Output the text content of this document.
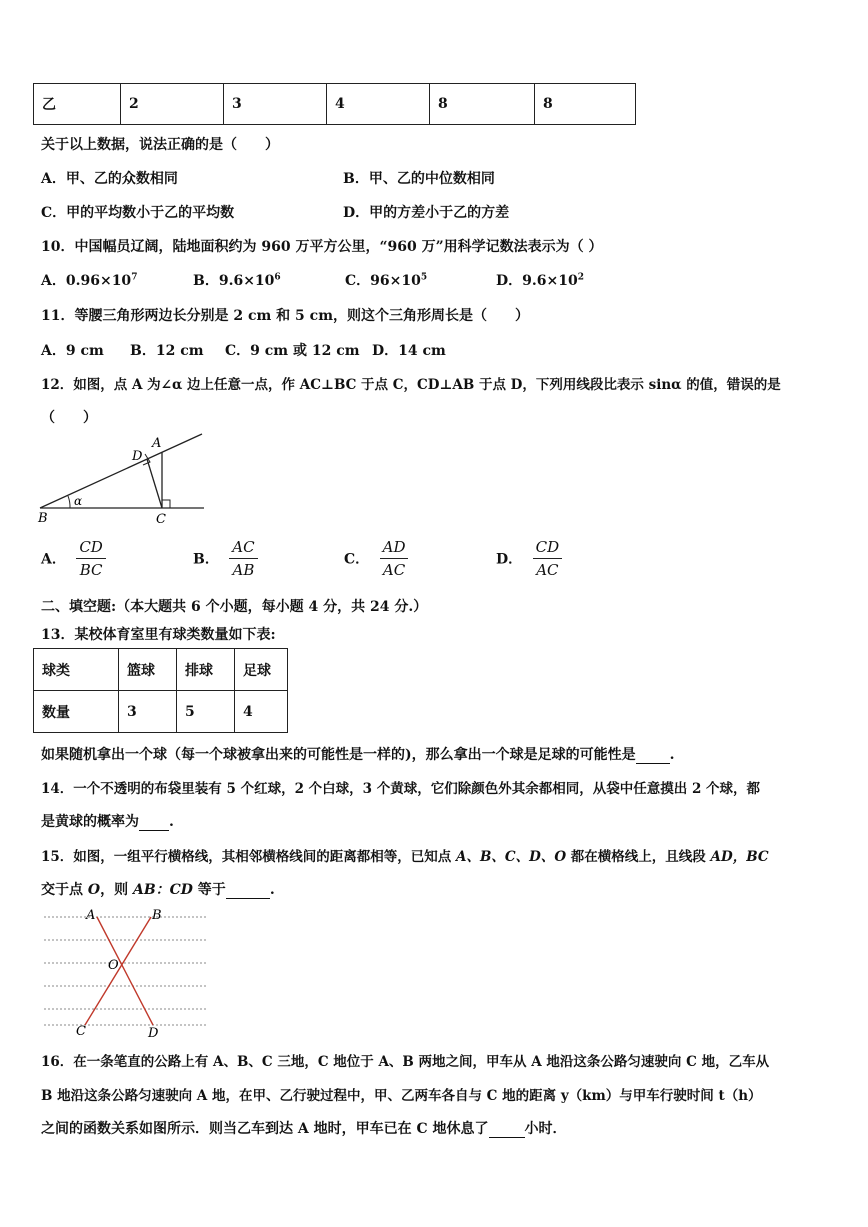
乙	2	3	4	8	8
关于以上数据，说法正确的是（　　）
A．甲、乙的众数相同	B．甲、乙的中位数相同
C．甲的平均数小于乙的平均数	D．甲的方差小于乙的方差
10．中国幅员辽阔，陆地面积约为 960 万平方公里，“960 万”用科学记数法表示为（ ）
A．$0.96\times 10^7$	B．$9.6\times 10^6$	C．$96\times 10^5$	D．$9.6\times 10^2$
11．等腰三角形两边长分别是 2 cm 和 5 cm，则这个三角形周长是（　　）
A．9 cm B．12 cm C．9 cm 或 12 cm D．14 cm
12．如图，点 A 为∠α 边上任意一点，作 AC⊥BC 于点 C，CD⊥AB 于点 D，下列用线段比表示 sinα 的值，错误的是
（　　）
A
D
B	C
α
A． $\frac{CD}{BC}$	B． $\frac{AC}{AB}$	C． $\frac{AD}{AC}$	D． $\frac{CD}{AC}$
二、填空题:（本大题共 6 个小题，每小题 4 分，共 24 分.）
13．某校体育室里有球类数量如下表:
球类	篮球	排球	足球
数量	3	5	4
如果随机拿出一个球（每一个球被拿出来的可能性是一样的)，那么拿出一个球是足球的可能性是 .
14．一个不透明的布袋里装有 5 个红球，2 个白球，3 个黄球，它们除颜色外其余都相同，从袋中任意摸出 2 个球，都
是黄球的概率为 .
15．如图，一组平行横格线，其相邻横格线间的距离都相等，已知点 A、B、C、D、O 都在横格线上，且线段 AD，BC
交于点 O，则 AB：CD 等于	.
A	B
O
C	D
16．在一条笔直的公路上有 A、B、C 三地，C 地位于 A、B 两地之间，甲车从 A 地沿这条公路匀速驶向 C 地，乙车从
B 地沿这条公路匀速驶向 A 地，在甲、乙行驶过程中，甲、乙两车各自与 C 地的距离 y（km）与甲车行驶时间 t（h）
之间的函数关系如图所示．则当乙车到达 A 地时，甲车已在 C 地休息了	小时．
